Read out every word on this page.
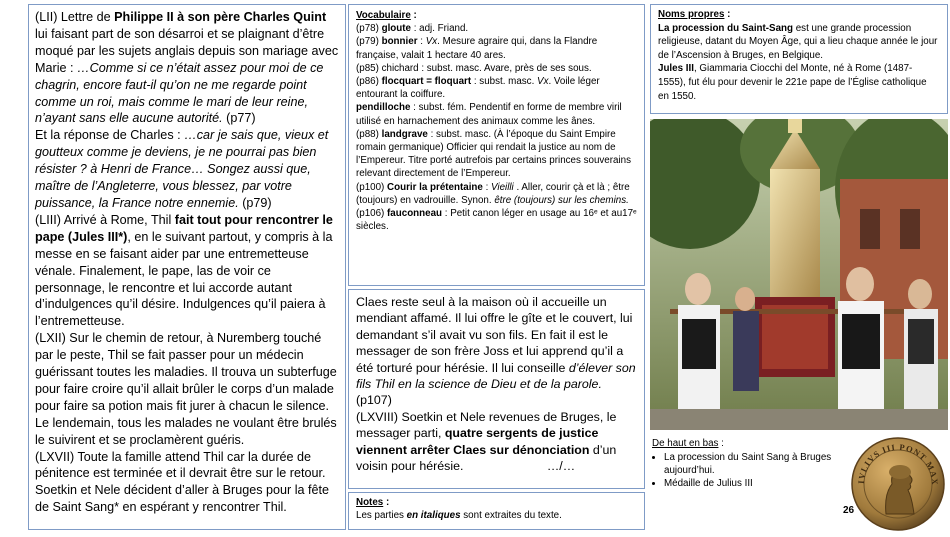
(LII) Lettre de Philippe II à son père Charles Quint lui faisant part de son désarroi et se plaignant d’être moqué par les sujets anglais depuis son mariage avec Marie : …Comme si ce n’était assez pour moi de ce chagrin, encore faut-il qu’on ne me regarde point comme un roi, mais comme le mari de leur reine, n’ayant sans elle aucune autorité. (p77)

Et la réponse de Charles : …car je sais que, vieux et goutteux comme je deviens, je ne pourrai pas bien résister ? à Henri de France… Songez aussi que, maître de l’Angleterre, vous blessez, par votre puissance, la France notre ennemie. (p79)

(LIII) Arrivé à Rome, Thil fait tout pour rencontrer le pape (Jules III*), en le suivant partout, y compris à la messe en se faisant aider par une entremetteuse vénale. Finalement, le pape, las de voir ce personnage, le rencontre et lui accorde autant d’indulgences qu’il désire. Indulgences qu’il paiera à l’entremetteuse.

(LXII) Sur le chemin de retour, à Nuremberg touché par le peste, Thil se fait passer pour un médecin guérissant toutes les maladies. Il trouva un subterfuge pour faire croire qu’il allait brûler le corps d’un malade pour faire sa potion mais fit jurer à chacun le silence. Le lendemain, tous les malades ne voulant être brulés le suivirent et se proclamèrent guéris.

(LXVII) Toute la famille attend Thil car la durée de pénitence est terminée et il devrait être sur le retour. Soetkin et Nele décident d’aller à Bruges pour la fête de Saint Sang* en espérant y rencontrer Thil.

Vocabulaire :

(p78) gloute : adj. Friand.

(p79) bonnier : Vx. Mesure agraire qui, dans la Flandre française, valait 1 hectare 40 ares.

(p85) chichard : subst. masc. Avare, près de ses sous.

(p86) flocquart = floquart : subst. masc. Vx. Voile léger entourant la coiffure.

pendilloche : subst. fém. Pendentif en forme de membre viril utilisé en harnachement des animaux comme les ânes.

(p88) landgrave : subst. masc. (À l’époque du Saint Empire romain germanique) Officier qui rendait la justice au nom de l’Empereur. Titre porté autrefois par certains princes souverains relevant directement de l’Empereur.

(p100) Courir la prétentaine : Vieilli . Aller, courir çà et là ; être (toujours) en vadrouille. Synon. être (toujours) sur les chemins.

(p106) fauconneau : Petit canon léger en usage au 16ᵉ et au17ᵉ siècles.

Claes reste seul à la maison où il accueille un mendiant affamé. Il lui offre le gîte et le couvert, lui demandant s’il avait vu son fils. En fait il est le messager de son frère Joss et lui apprend qu’il a été torturé pour hérésie. Il lui conseille d’élever son fils Thil en la science de Dieu et de la parole. (p107)

(LXVIII) Soetkin et Nele revenues de Bruges, le messager parti, quatre sergents de justice viennent arrêter Claes sur dénonciation d’un voisin pour hérésie.	…/…

Notes :

Les parties en italiques sont extraites du texte.

Noms propres :

La procession du Saint-Sang est une grande procession religieuse, datant du Moyen Âge, qui a lieu chaque année le jour de l’Ascension à Bruges, en Belgique.

Jules III, Giammaria Ciocchi del Monte, né à Rome (1487-1555), fut élu pour devenir le 221e pape de l’Église catholique en 1550.

De haut en bas :
• La procession du Saint Sang à Bruges aujourd’hui.
• Médaille de Julius III	IVLIVS III PONT MAX
26
